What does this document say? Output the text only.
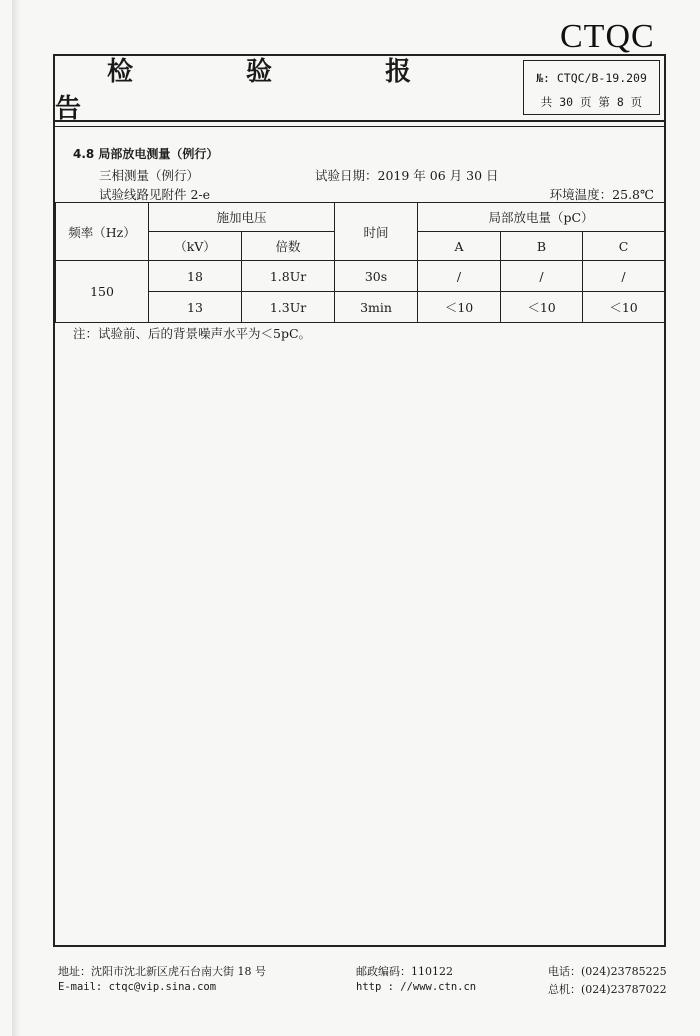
CTQC
检 验 报 告
№: CTQC/B-19.209
共 30 页 第 8 页
4.8 局部放电测量（例行）
三相测量（例行）	试验日期：2019 年 06 月 30 日
试验线路见附件 2-e	环境温度：25.8℃
频率（Hz）	施加电压		时间	局部放电量（pC）		
	（kV）	倍数		A	B	C
150	18	1.8Ur	30s	/	/	/
	13	1.3Ur	3min	＜10	＜10	＜10
注：试验前、后的背景噪声水平为＜5pC。
地址：沈阳市沈北新区虎石台南大街 18 号	邮政编码：110122	电话：(024)23785225
E-mail: ctqc@vip.sina.com	http : //www.ctn.cn	总机：(024)23787022
